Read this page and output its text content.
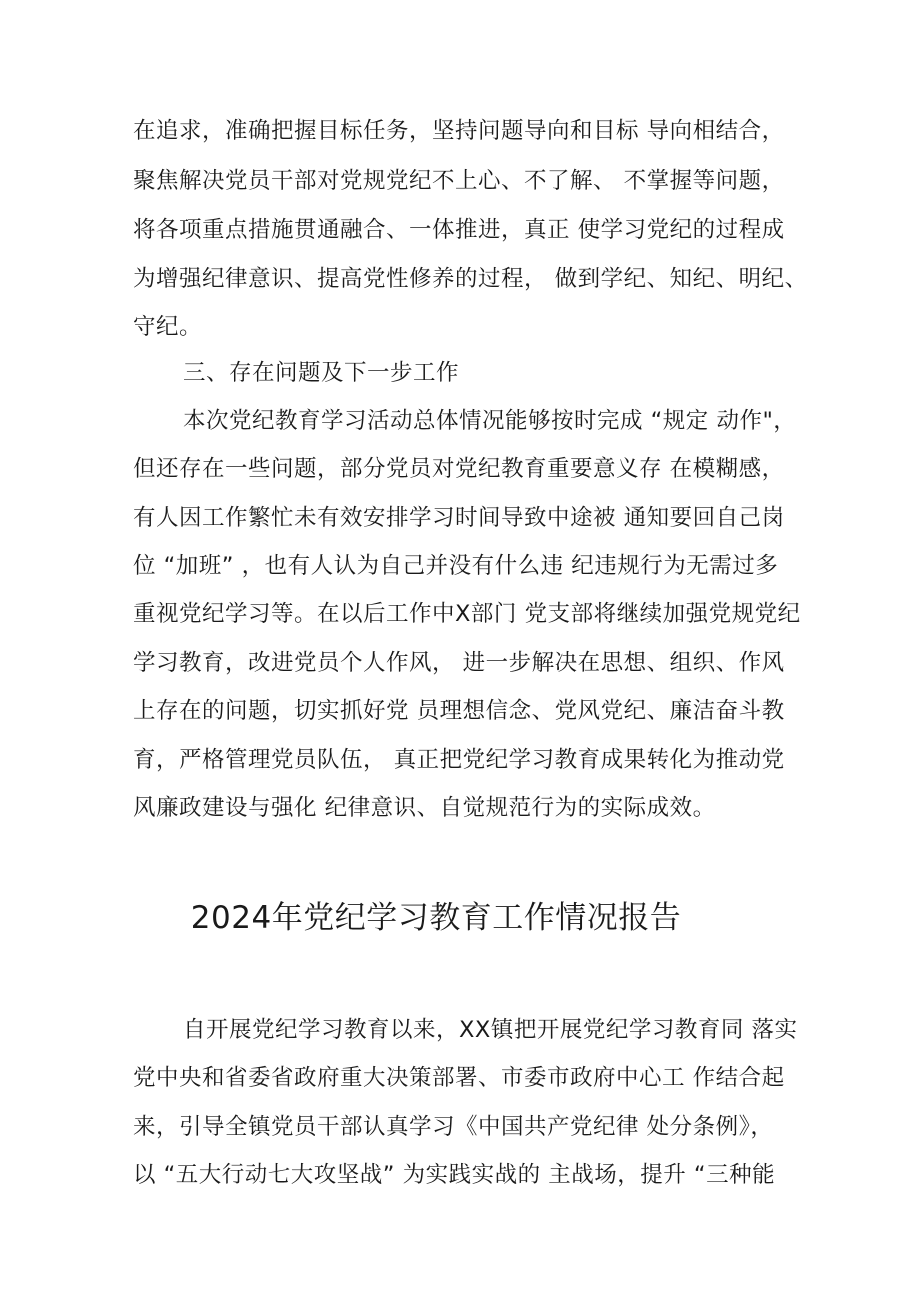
在追求，准确把握目标任务，坚持问题导向和目标 导向相结合，
聚焦解决党员干部对党规党纪不上心、不了解、 不掌握等问题，
将各项重点措施贯通融合、一体推进，真正 使学习党纪的过程成
为增强纪律意识、提高党性修养的过程， 做到学纪、知纪、明纪、
守纪。
三、存在问题及下一步工作
本次党纪教育学习活动总体情况能够按时完成 “规定 动作"，
但还存在一些问题，部分党员对党纪教育重要意义存 在模糊感，
有人因工作繁忙未有效安排学习时间导致中途被 通知要回自己岗
位 “加班” ，也有人认为自己并没有什么违 纪违规行为无需过多
重视党纪学习等。在以后工作中X部门 党支部将继续加强党规党纪
学习教育，改进党员个人作风， 进一步解决在思想、组织、作风
上存在的问题，切实抓好党 员理想信念、党风党纪、廉洁奋斗教
育，严格管理党员队伍， 真正把党纪学习教育成果转化为推动党
风廉政建设与强化 纪律意识、自觉规范行为的实际成效。
2024年党纪学习教育工作情况报告
自开展党纪学习教育以来，XX镇把开展党纪学习教育同 落实
党中央和省委省政府重大决策部署、市委市政府中心工 作结合起
来，引导全镇党员干部认真学习《中国共产党纪律 处分条例》，
以 “五大行动七大攻坚战” 为实践实战的 主战场，提升 “三种能
